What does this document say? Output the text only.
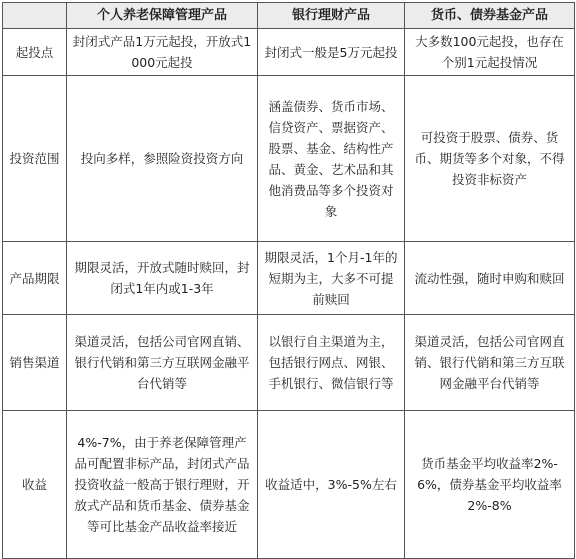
	个人养老保障管理产品	银行理财产品	货币、债券基金产品
起投点	封闭式产品1万元起投，开放式1000元起投	封闭式一般是5万元起投	大多数100元起投，也存在个别1元起投情况
投资范围	投向多样，参照险资投资方向	涵盖债券、货币市场、信贷资产、票据资产、股票、基金、结构性产品、黄金、艺术品和其他消费品等多个投资对象	可投资于股票、债券、货币、期货等多个对象，不得投资非标资产
产品期限	期限灵活，开放式随时赎回，封闭式1年内或1-3年	期限灵活，1个月-1年的短期为主，大多不可提前赎回	流动性强，随时申购和赎回
销售渠道	渠道灵活，包括公司官网直销、银行代销和第三方互联网金融平台代销等	以银行自主渠道为主，包括银行网点、网银、手机银行、微信银行等	渠道灵活，包括公司官网直销、银行代销和第三方互联网金融平台代销等
收益	4%-7%，由于养老保障管理产品可配置非标产品，封闭式产品投资收益一般高于银行理财，开放式产品和货币基金、债券基金等可比基金产品收益率接近	收益适中，3%-5%左右	货币基金平均收益率2%-6%，债券基金平均收益率2%-8%
